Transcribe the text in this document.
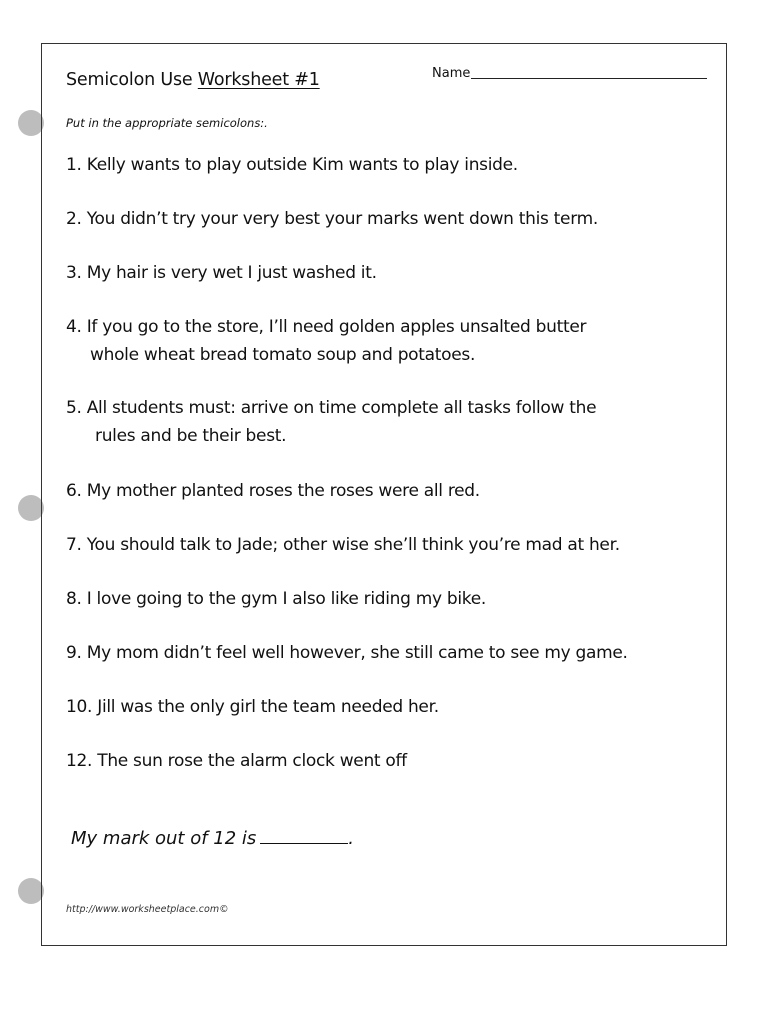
Semicolon Use Worksheet #1	Name
Put in the appropriate semicolons:.
1. Kelly wants to play outside Kim wants to play inside.
2. You didn’t try your very best your marks went down this term.
3. My hair is very wet I just washed it.
4. If you go to the store, I’ll need golden apples unsalted butter
whole wheat bread tomato soup and potatoes.
5. All students must: arrive on time complete all tasks follow the
rules and be their best.
6. My mother planted roses the roses were all red.
7. You should talk to Jade; other wise she’ll think you’re mad at her.
8. I love going to the gym I also like riding my bike.
9. My mom didn’t feel well however, she still came to see my game.
10. Jill was the only girl the team needed her.
12. The sun rose the alarm clock went off
My mark out of 12 is	.
http://www.worksheetplace.com©
